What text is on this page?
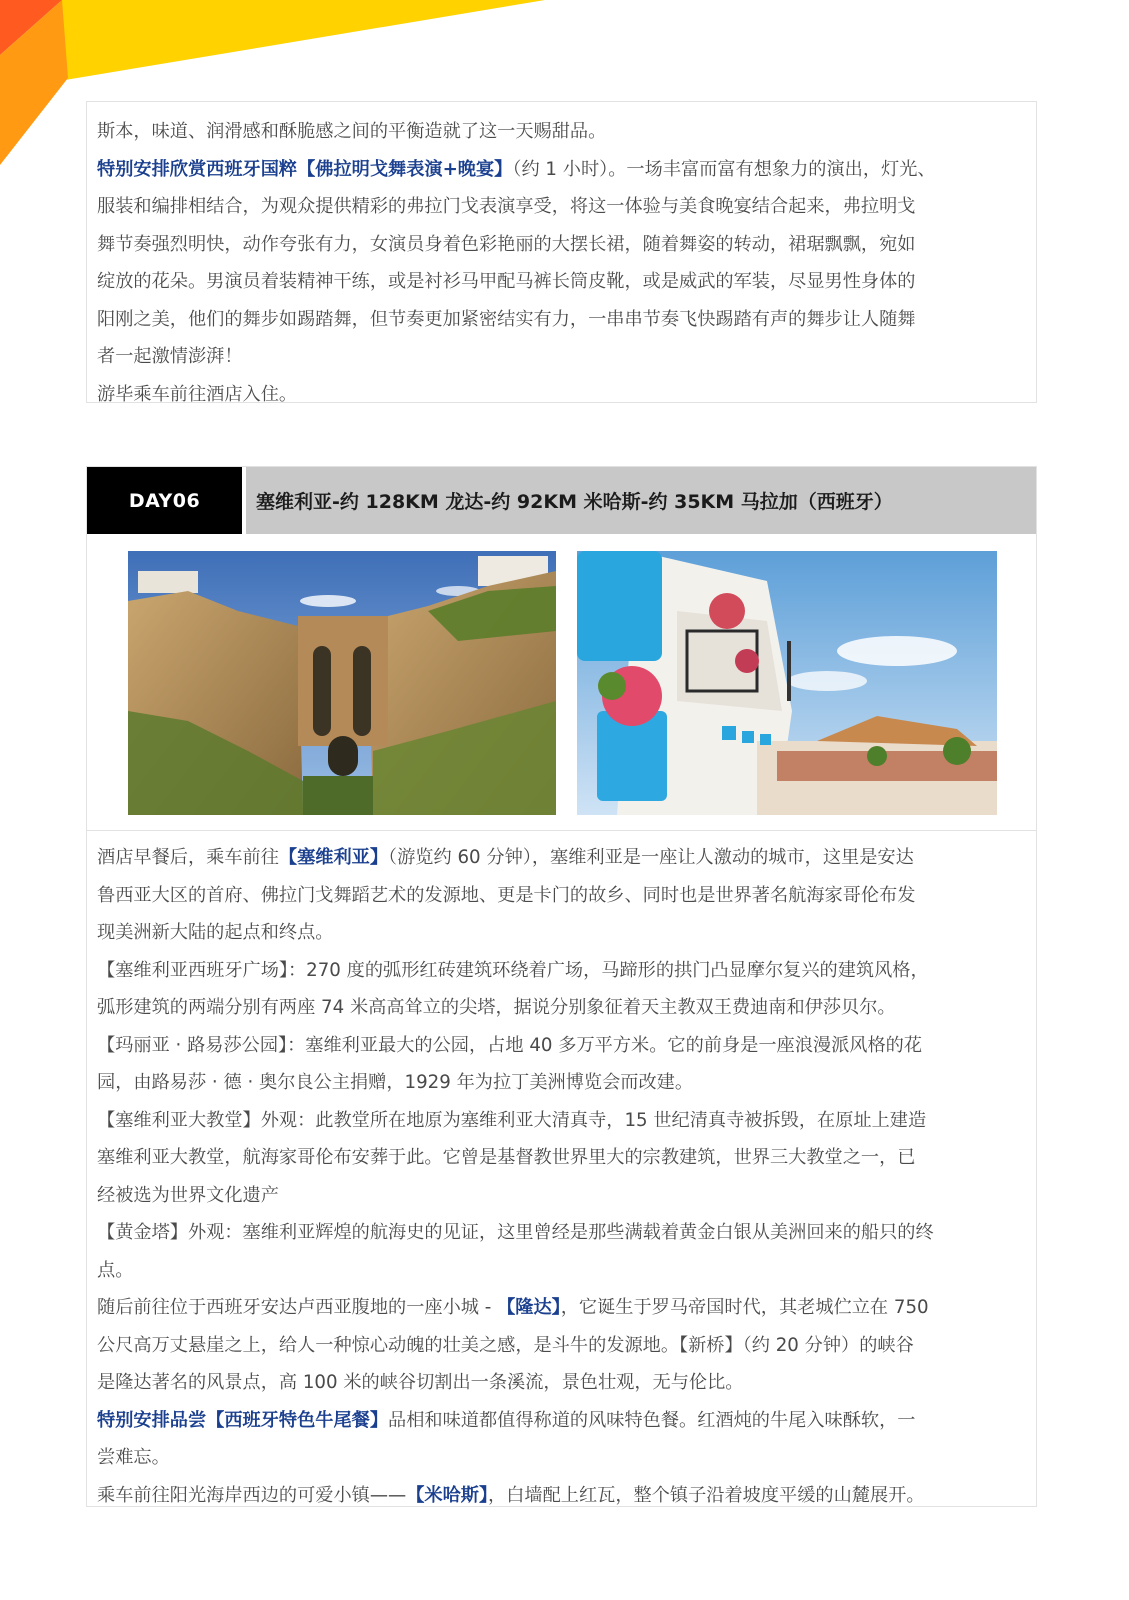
斯本，味道、润滑感和酥脆感之间的平衡造就了这一天赐甜品。

特别安排欣赏西班牙国粹【佛拉明戈舞表演+晚宴】（约 1 小时）。一场丰富而富有想象力的演出，灯光、

服装和编排相结合，为观众提供精彩的弗拉门戈表演享受，将这一体验与美食晚宴结合起来，弗拉明戈

舞节奏强烈明快，动作夸张有力，女演员身着色彩艳丽的大摆长裙，随着舞姿的转动，裙琚飘飘，宛如

绽放的花朵。男演员着装精神干练，或是衬衫马甲配马裤长筒皮靴，或是威武的军装，尽显男性身体的

阳刚之美，他们的舞步如踢踏舞，但节奏更加紧密结实有力，一串串节奏飞快踢踏有声的舞步让人随舞

者一起激情澎湃！

游毕乘车前往酒店入住。

DAY06	塞维利亚-约 128KM 龙达-约 92KM 米哈斯-约 35KM 马拉加（西班牙）

酒店早餐后，乘车前往【塞维利亚】（游览约 60 分钟），塞维利亚是一座让人激动的城市，这里是安达

鲁西亚大区的首府、佛拉门戈舞蹈艺术的发源地、更是卡门的故乡、同时也是世界著名航海家哥伦布发

现美洲新大陆的起点和终点。

【塞维利亚西班牙广场】：270 度的弧形红砖建筑环绕着广场，马蹄形的拱门凸显摩尔复兴的建筑风格，

弧形建筑的两端分别有两座 74 米高高耸立的尖塔，据说分别象征着天主教双王费迪南和伊莎贝尔。

【玛丽亚 · 路易莎公园】：塞维利亚最大的公园，占地 40 多万平方米。它的前身是一座浪漫派风格的花

园，由路易莎 · 德 · 奥尔良公主捐赠，1929 年为拉丁美洲博览会而改建。

【塞维利亚大教堂】外观：此教堂所在地原为塞维利亚大清真寺，15 世纪清真寺被拆毁，在原址上建造

塞维利亚大教堂，航海家哥伦布安葬于此。它曾是基督教世界里大的宗教建筑，世界三大教堂之一，已

经被选为世界文化遗产

【黄金塔】外观：塞维利亚辉煌的航海史的见证，这里曾经是那些满载着黄金白银从美洲回来的船只的终

点。

随后前往位于西班牙安达卢西亚腹地的一座小城 - 【隆达】，它诞生于罗马帝国时代，其老城伫立在 750

公尺高万丈悬崖之上，给人一种惊心动魄的壮美之感，是斗牛的发源地。【新桥】（约 20 分钟）的峡谷

是隆达著名的风景点，高 100 米的峡谷切割出一条溪流，景色壮观，无与伦比。

特别安排品尝【西班牙特色牛尾餐】品相和味道都值得称道的风味特色餐。红酒炖的牛尾入味酥软，一

尝难忘。

乘车前往阳光海岸西边的可爱小镇——【米哈斯】，白墙配上红瓦，整个镇子沿着坡度平缓的山麓展开。
